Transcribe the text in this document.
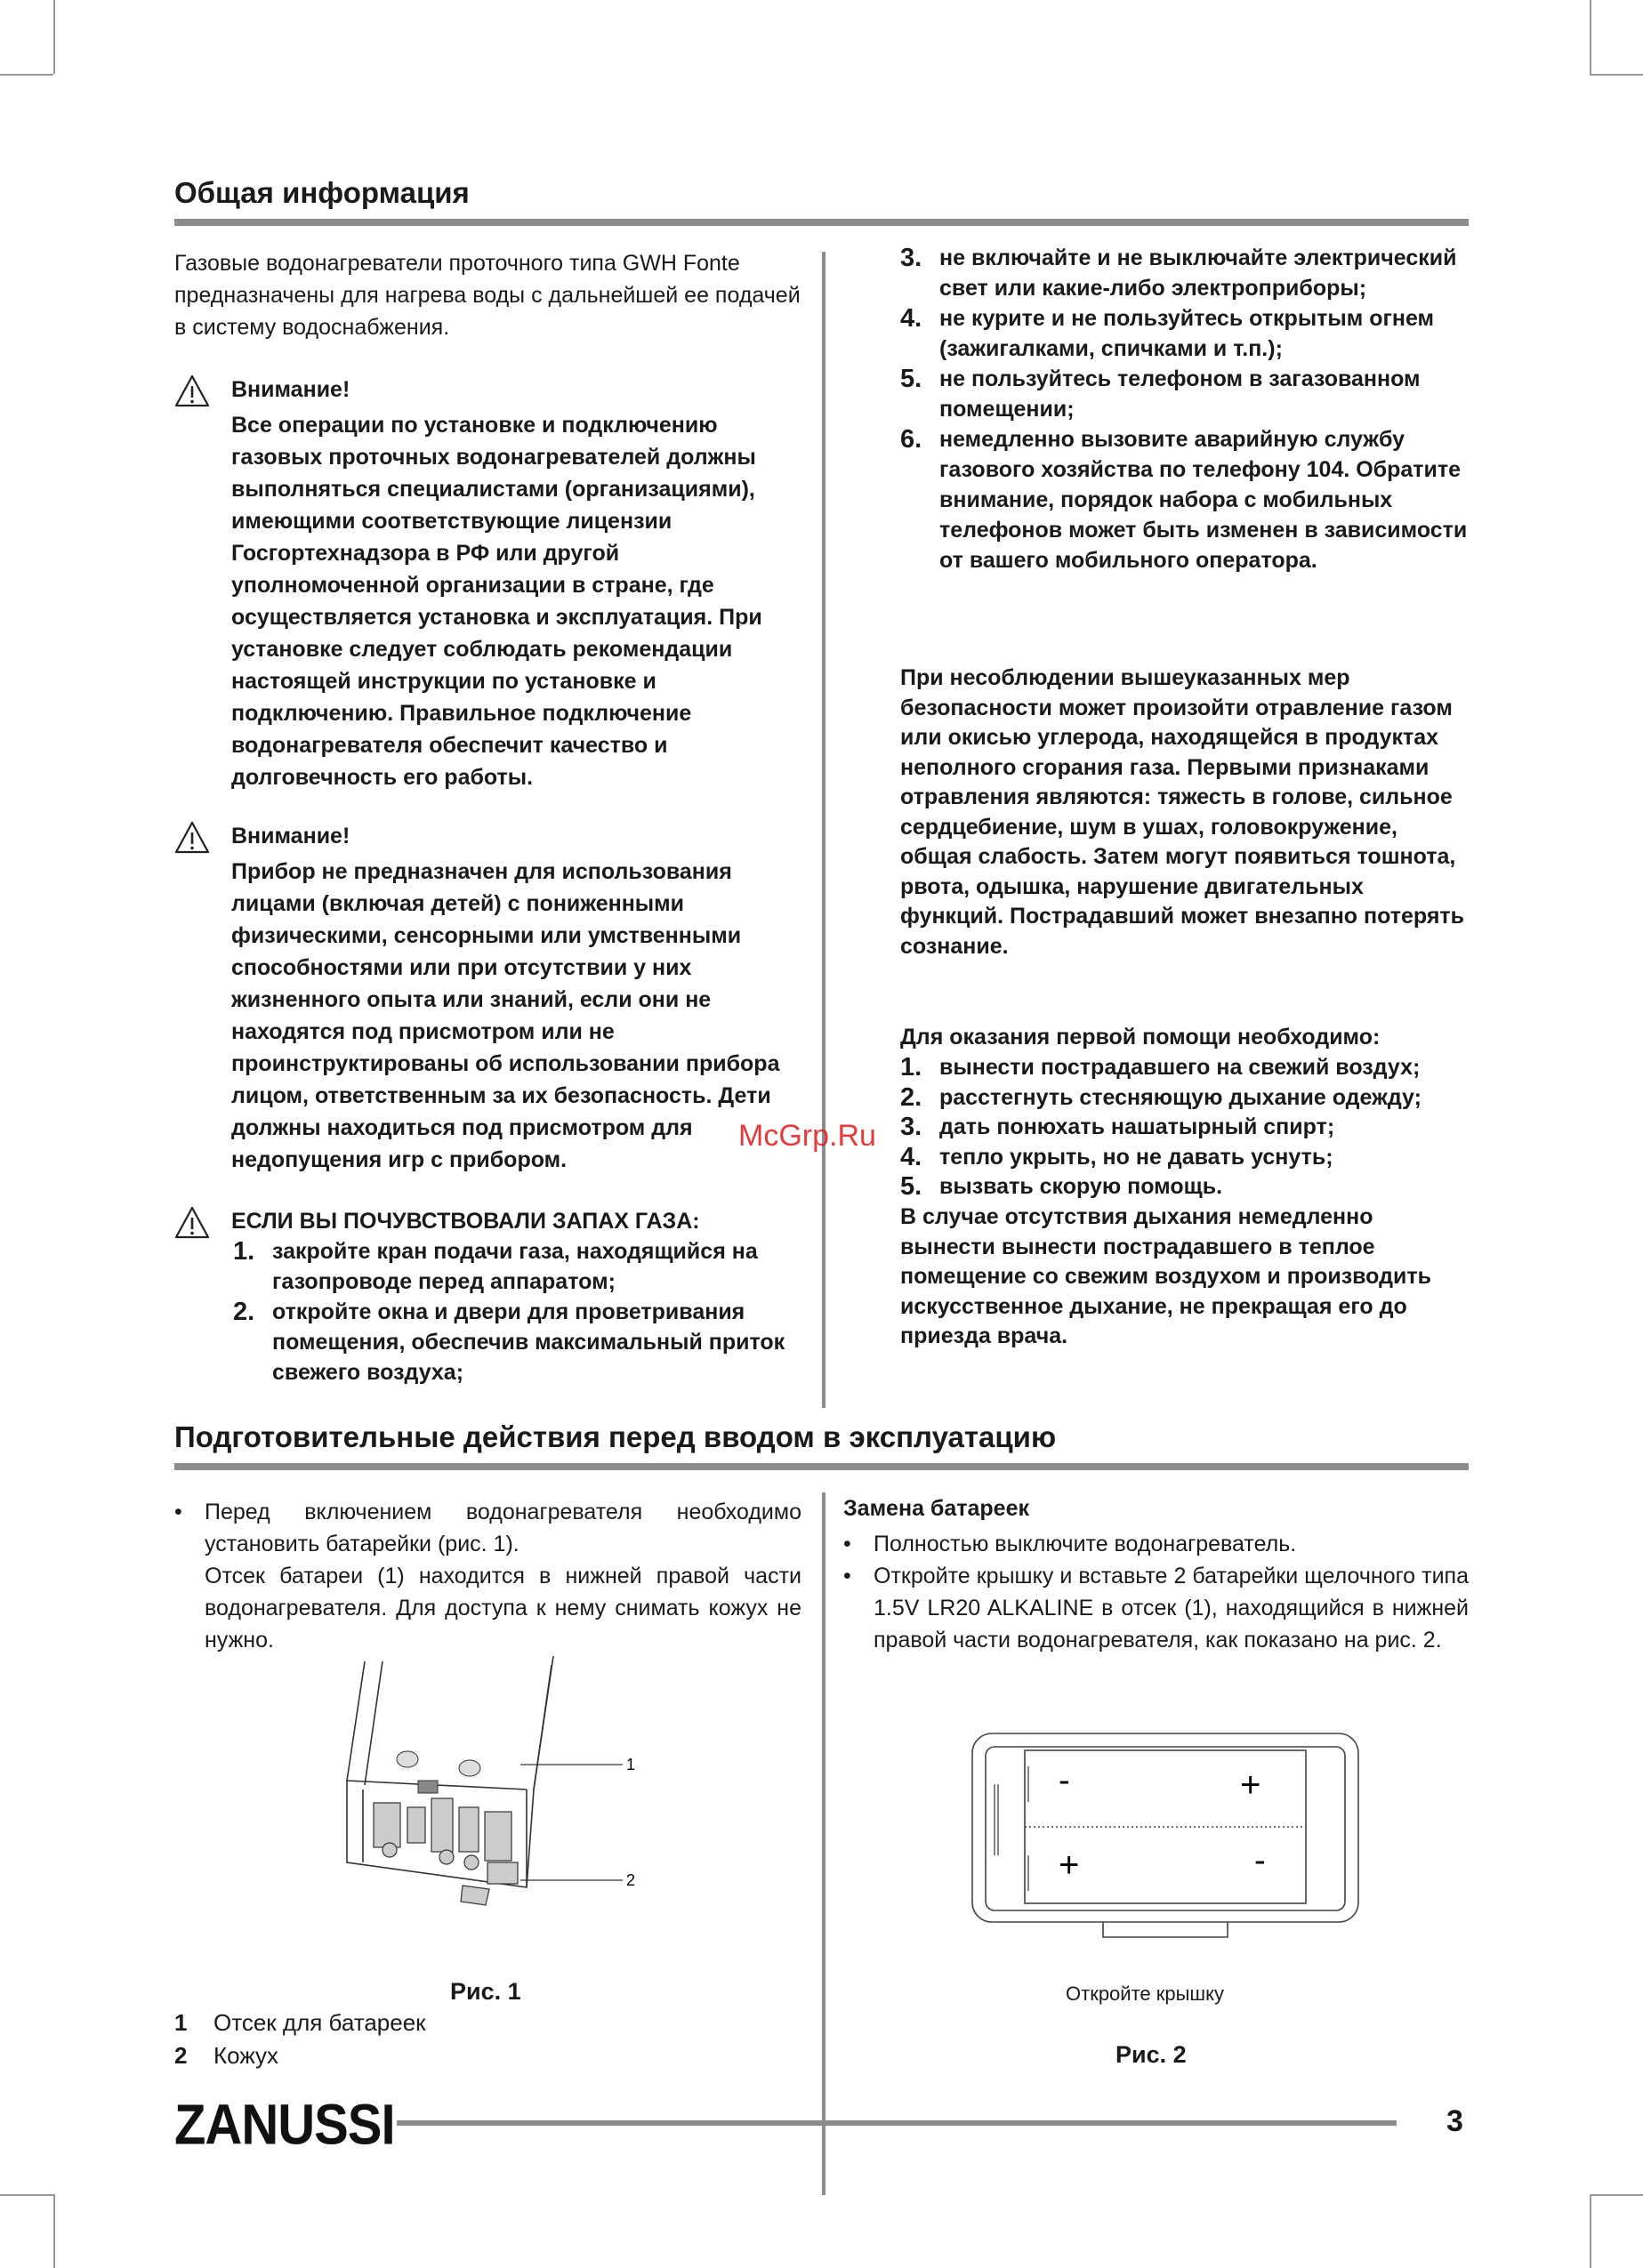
Общая информация

Газовые водонагреватели проточного типа GWH Fonte предназначены для нагрева воды с дальнейшей ее подачей в систему водоснабжения.

Внимание!
Все операции по установке и подключению газовых проточных водонагревателей должны выполняться специалистами (организациями), имеющими соответствующие лицензии Госгортехнадзора в РФ или другой уполномоченной организации в стране, где осуществляется установка и эксплуатация. При установке следует соблюдать рекомендации настоящей инструкции по установке и подключению. Правильное подключение водонагревателя обеспечит качество и долговечность его работы.
Внимание!
Прибор не предназначен для использования лицами (включая детей) с пониженными физическими, сенсорными или умственными способностями или при отсутствии у них жизненного опыта или знаний, если они не находятся под присмотром или не проинструктированы об использовании прибора лицом, ответственным за их безопасность. Дети должны находиться под присмотром для недопущения игр с прибором.
ЕСЛИ ВЫ ПОЧУВСТВОВАЛИ ЗАПАХ ГАЗА:
1. закройте кран подачи газа, находящийся на газопроводе перед аппаратом;
2. откройте окна и двери для проветривания помещения, обеспечив максимальный приток свежего воздуха;
3. не включайте и не выключайте электрический свет или какие-либо электроприборы;
4. не курите и не пользуйтесь открытым огнем (зажигалками, спичками и т.п.);
5. не пользуйтесь телефоном в загазованном помещении;
6. немедленно вызовите аварийную службу газового хозяйства по телефону 104. Обратите внимание, порядок набора с мобильных телефонов может быть изменен в зависимости от вашего мобильного оператора.

При несоблюдении вышеуказанных мер безопасности может произойти отравление газом или окисью углерода, находящейся в продуктах неполного сгорания газа. Первыми признаками отравления являются: тяжесть в голове, сильное сердцебиение, шум в ушах, головокружение, общая слабость. Затем могут появиться тошнота, рвота, одышка, нарушение двигательных функций. Пострадавший может внезапно потерять сознание.

Для оказания первой помощи необходимо:

1. вынести пострадавшего на свежий воздух;
2. расстегнуть стесняющую дыхание одежду;
3. дать понюхать нашатырный спирт;
4. тепло укрыть, но не давать уснуть;
5. вызвать скорую помощь.

В случае отсутствия дыхания немедленно вынести вынести пострадавшего в теплое помещение со свежим воздухом и производить искусственное дыхание, не прекращая его до приезда врача.

McGrp.Ru
Подготовительные действия перед вводом в эксплуатацию
• Перед включением водонагревателя необходимо установить батарейки (рис. 1).
Отсек батареи (1) находится в нижней правой части водонагревателя. Для доступа к нему снимать кожух не нужно.
1
2
Рис. 1
1 Отсек для батареек
2 Кожух
Замена батареек
• Полностью выключите водонагреватель.
• Откройте крышку и вставьте 2 батарейки щелочного типа 1.5V LR20 ALKALINE в отсек (1), находящийся в нижней правой части водонагревателя, как показано на рис. 2.
-	+
+	-
Откройте крышку
Рис. 2
ZANUSSI	3
